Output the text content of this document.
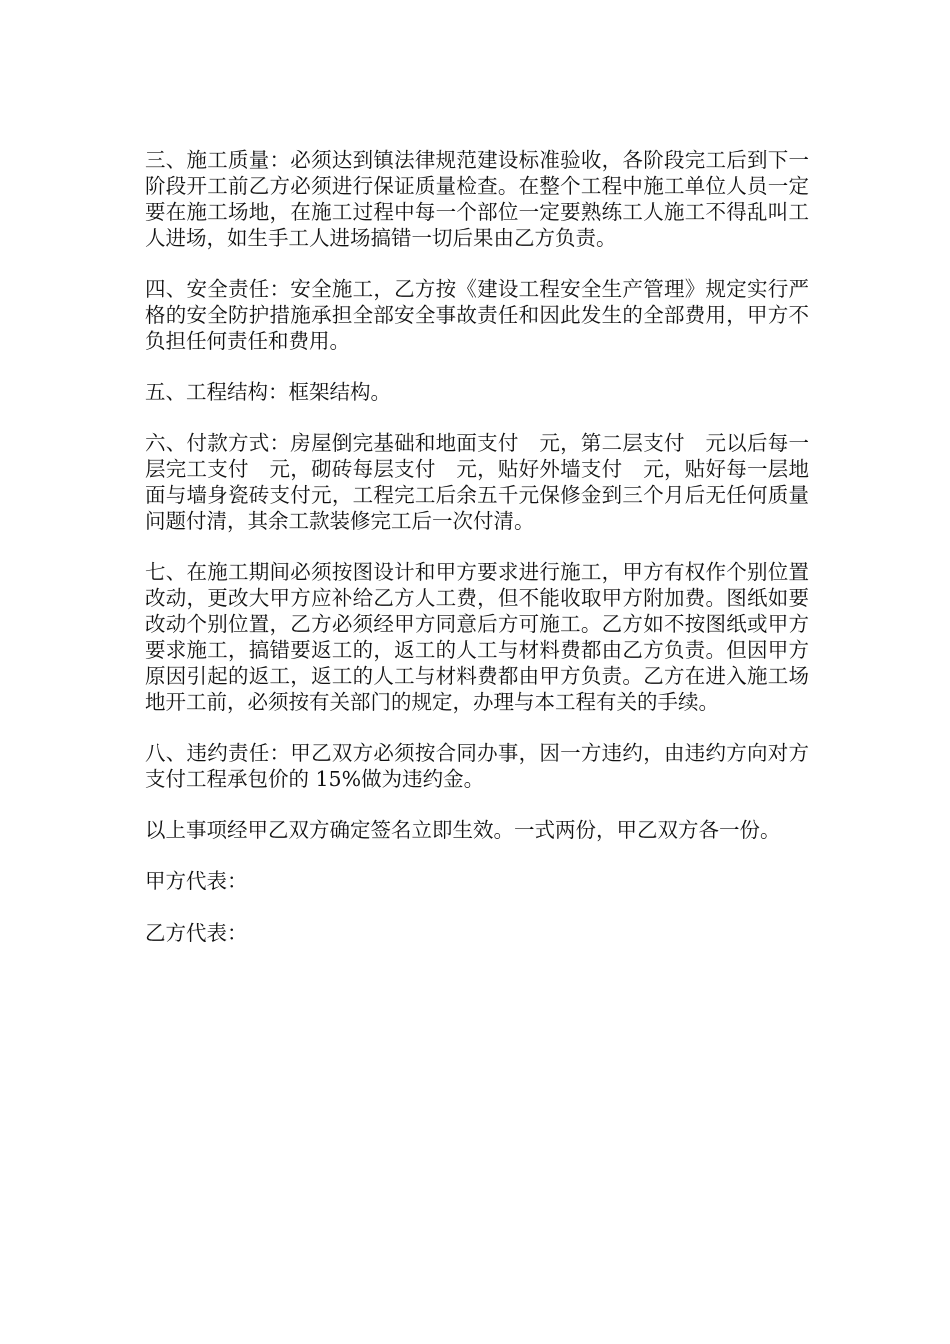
三、施工质量：必须达到镇法律规范建设标准验收，各阶段完工后到下一阶段开工前乙方必须进行保证质量检查。在整个工程中施工单位人员一定要在施工场地，在施工过程中每一个部位一定要熟练工人施工不得乱叫工人进场，如生手工人进场搞错一切后果由乙方负责。

四、安全责任：安全施工，乙方按《建设工程安全生产管理》规定实行严格的安全防护措施承担全部安全事故责任和因此发生的全部费用，甲方不负担任何责任和费用。

五、工程结构：框架结构。

六、付款方式：房屋倒完基础和地面支付　元，第二层支付　元以后每一层完工支付　元，砌砖每层支付　元，贴好外墙支付　元，贴好每一层地面与墙身瓷砖支付元，工程完工后余五千元保修金到三个月后无任何质量问题付清，其余工款装修完工后一次付清。

七、在施工期间必须按图设计和甲方要求进行施工，甲方有权作个别位置改动，更改大甲方应补给乙方人工费，但不能收取甲方附加费。图纸如要改动个别位置，乙方必须经甲方同意后方可施工。乙方如不按图纸或甲方要求施工，搞错要返工的，返工的人工与材料费都由乙方负责。但因甲方原因引起的返工，返工的人工与材料费都由甲方负责。乙方在进入施工场地开工前，必须按有关部门的规定，办理与本工程有关的手续。

八、违约责任：甲乙双方必须按合同办事，因一方违约，由违约方向对方支付工程承包价的 15%做为违约金。

以上事项经甲乙双方确定签名立即生效。一式两份，甲乙双方各一份。

甲方代表：

乙方代表：
